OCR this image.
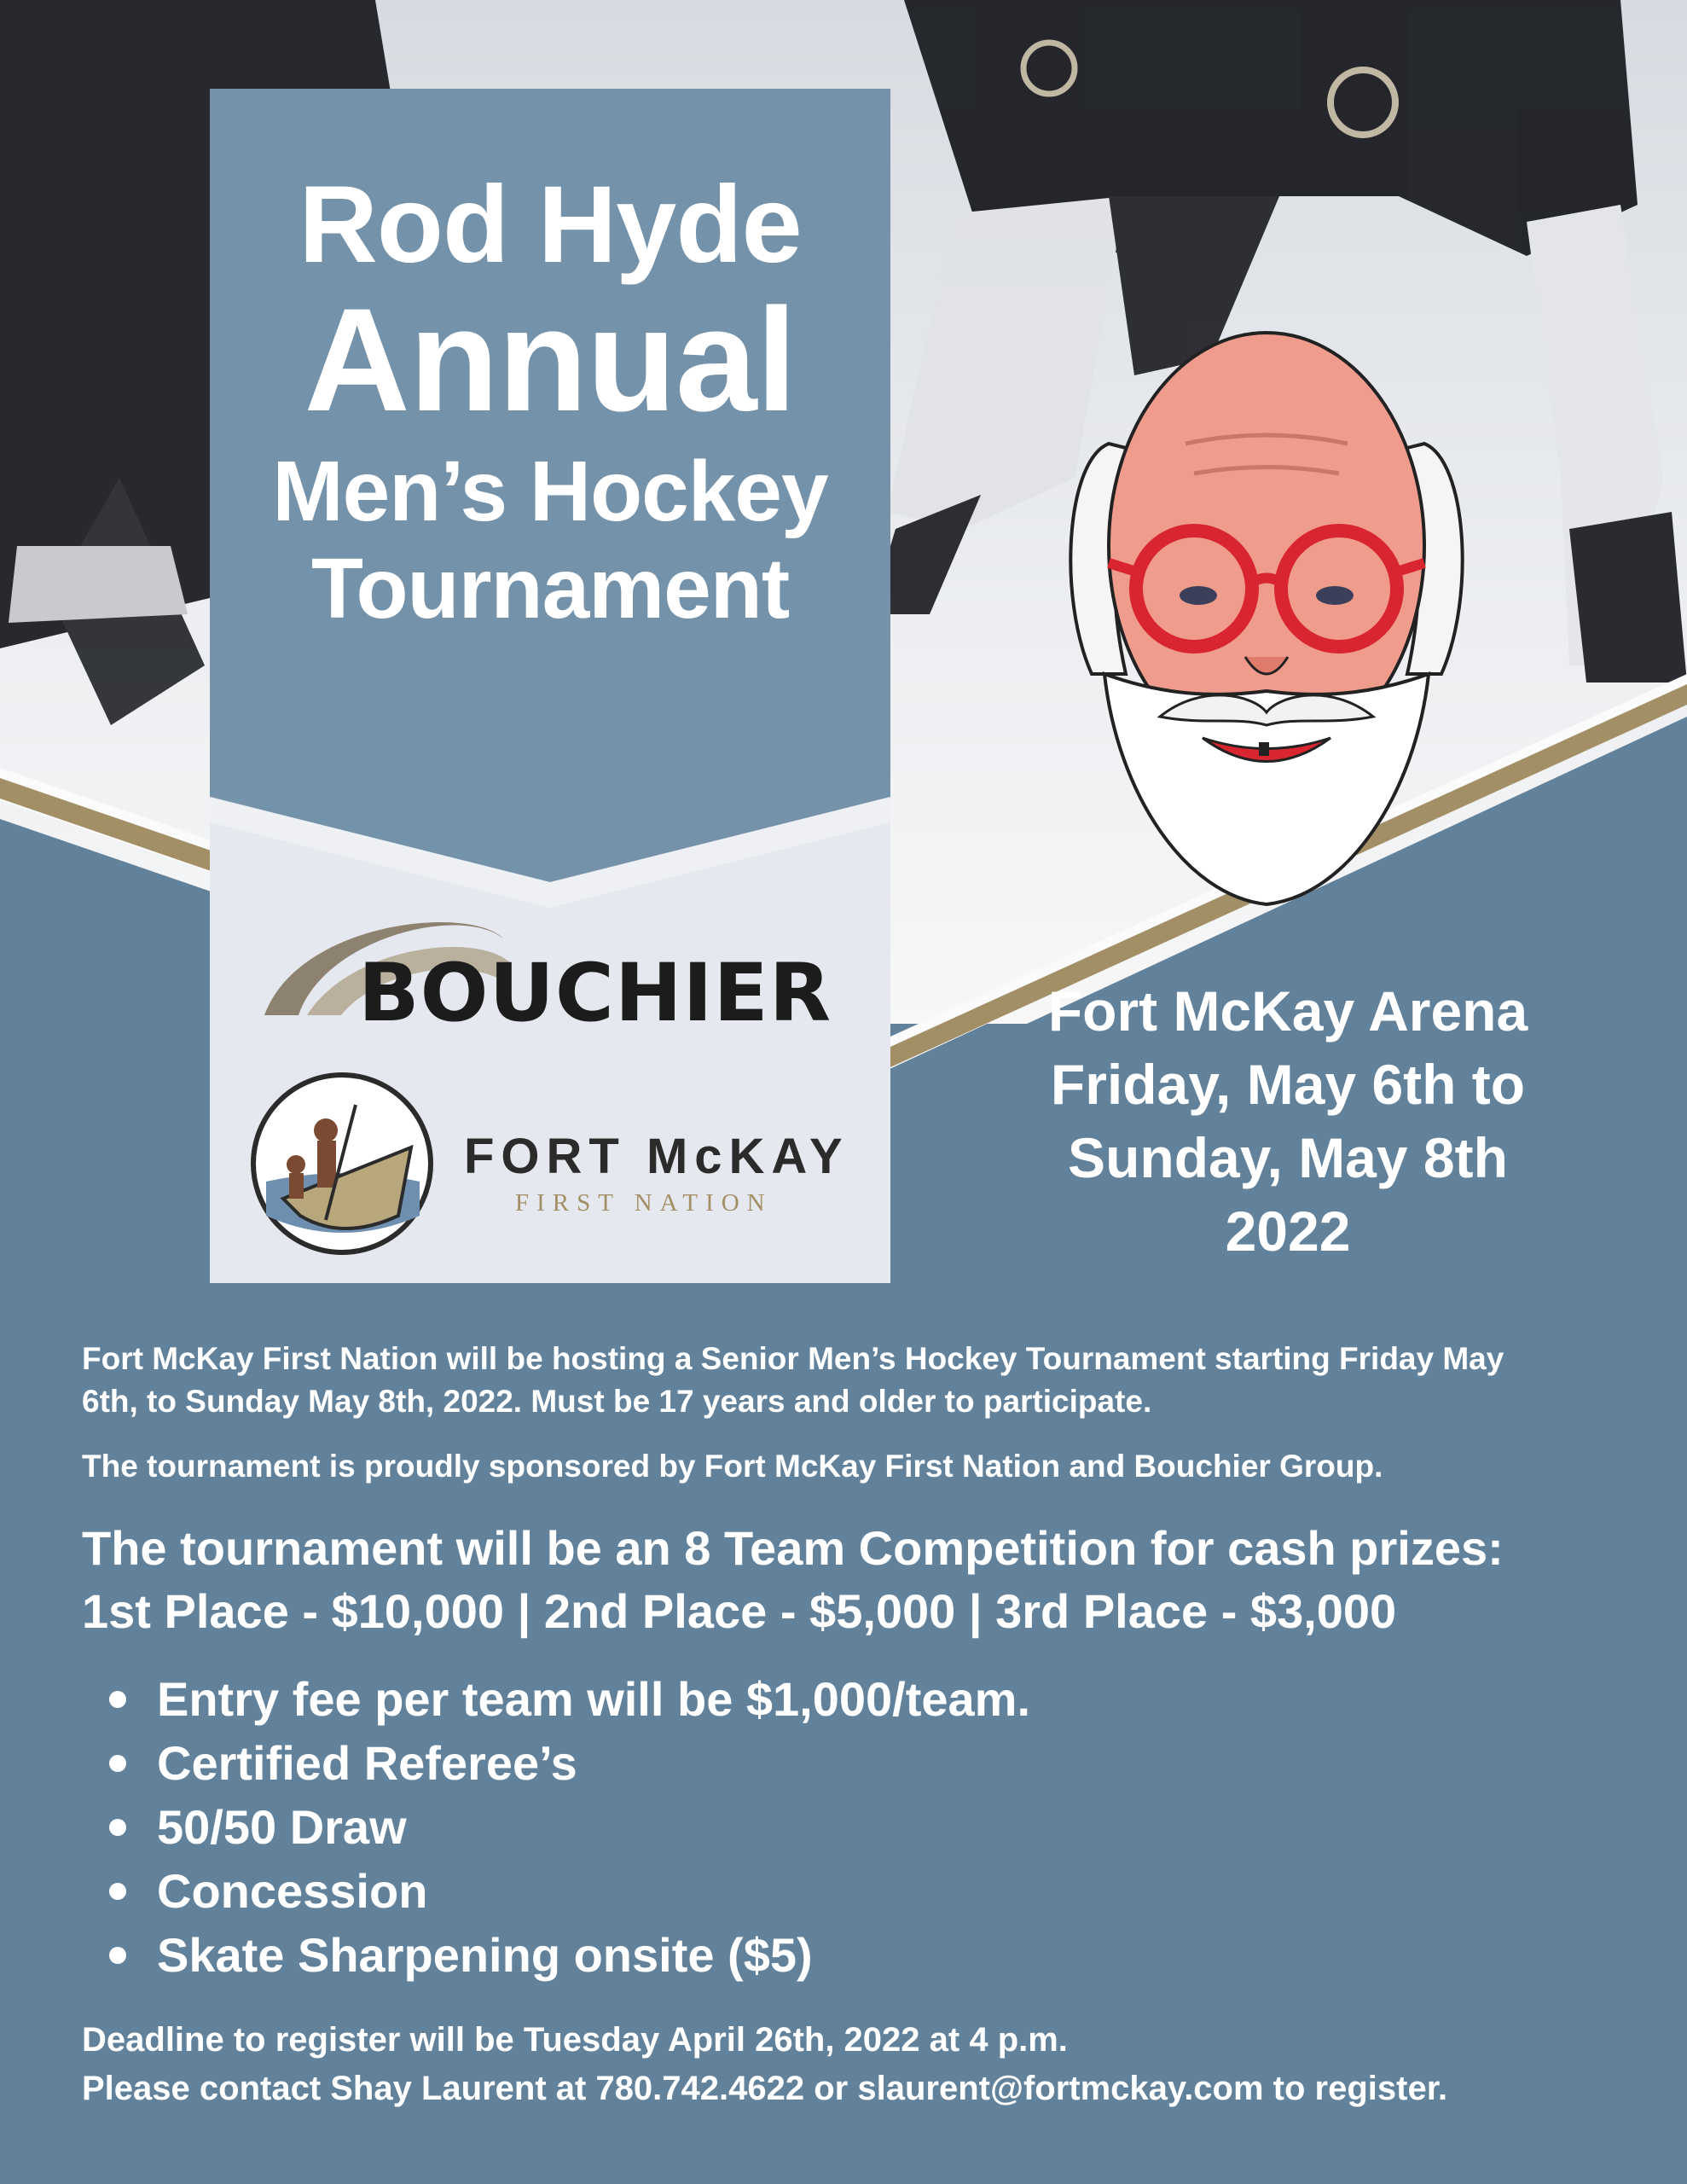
Rod Hyde
Annual
Men’s Hockey
Tournament
BOUCHIER
FORT McKAY
FIRST NATION
Fort McKay Arena
Friday, May 6th to
Sunday, May 8th
2022

Fort McKay First Nation will be hosting a Senior Men’s Hockey Tournament starting Friday May 6th, to Sunday May 8th, 2022. Must be 17 years and older to participate.

The tournament is proudly sponsored by Fort McKay First Nation and Bouchier Group.

The tournament will be an 8 Team Competition for cash prizes:
1st Place - $10,000 | 2nd Place - $5,000 | 3rd Place - $3,000
Entry fee per team will be $1,000/team.
Certified Referee’s
50/50 Draw
Concession
Skate Sharpening onsite ($5)
Deadline to register will be Tuesday April 26th, 2022 at 4 p.m.
Please contact Shay Laurent at 780.742.4622 or slaurent@fortmckay.com to register.
